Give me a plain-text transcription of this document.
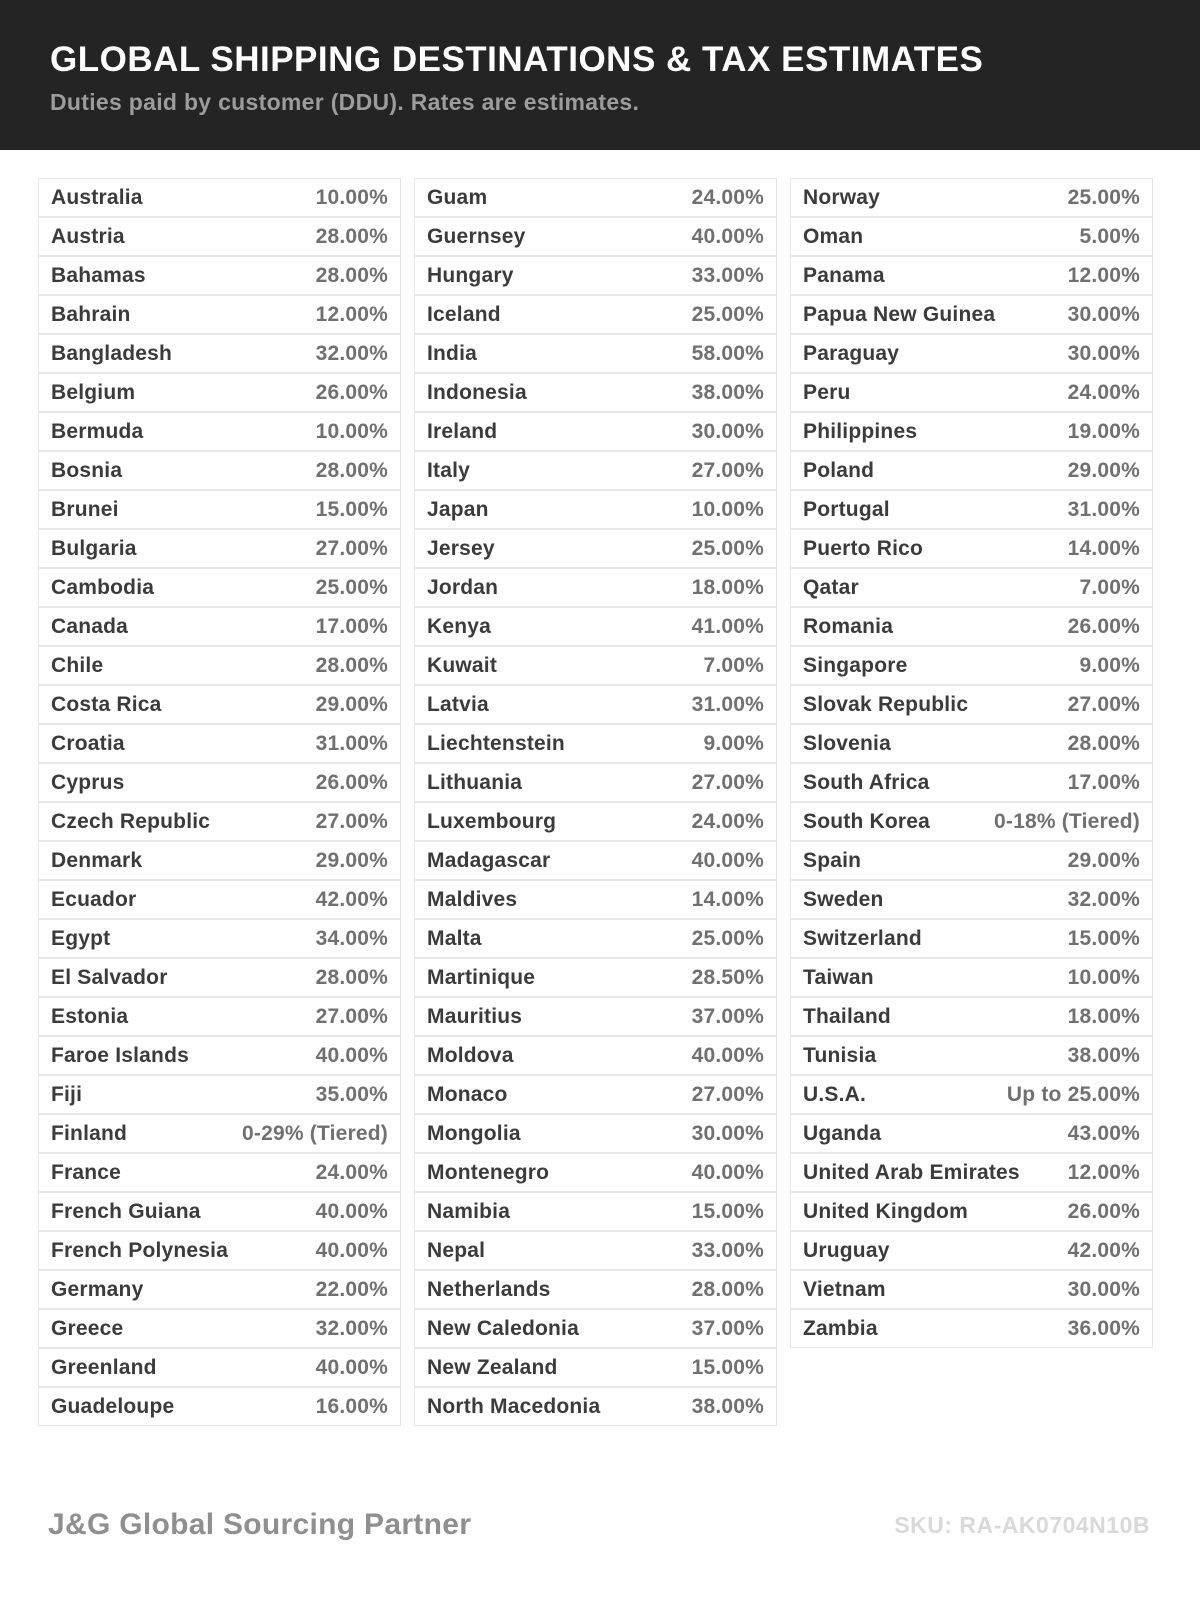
GLOBAL SHIPPING DESTINATIONS & TAX ESTIMATES

Duties paid by customer (DDU). Rates are estimates.

Australia	10.00%
Austria	28.00%
Bahamas	28.00%
Bahrain	12.00%
Bangladesh	32.00%
Belgium	26.00%
Bermuda	10.00%
Bosnia	28.00%
Brunei	15.00%
Bulgaria	27.00%
Cambodia	25.00%
Canada	17.00%
Chile	28.00%
Costa Rica	29.00%
Croatia	31.00%
Cyprus	26.00%
Czech Republic	27.00%
Denmark	29.00%
Ecuador	42.00%
Egypt	34.00%
El Salvador	28.00%
Estonia	27.00%
Faroe Islands	40.00%
Fiji	35.00%
Finland	0-29% (Tiered)
France	24.00%
French Guiana	40.00%
French Polynesia	40.00%
Germany	22.00%
Greece	32.00%
Greenland	40.00%
Guadeloupe	16.00%
Guam	24.00%
Guernsey	40.00%
Hungary	33.00%
Iceland	25.00%
India	58.00%
Indonesia	38.00%
Ireland	30.00%
Italy	27.00%
Japan	10.00%
Jersey	25.00%
Jordan	18.00%
Kenya	41.00%
Kuwait	7.00%
Latvia	31.00%
Liechtenstein	9.00%
Lithuania	27.00%
Luxembourg	24.00%
Madagascar	40.00%
Maldives	14.00%
Malta	25.00%
Martinique	28.50%
Mauritius	37.00%
Moldova	40.00%
Monaco	27.00%
Mongolia	30.00%
Montenegro	40.00%
Namibia	15.00%
Nepal	33.00%
Netherlands	28.00%
New Caledonia	37.00%
New Zealand	15.00%
North Macedonia	38.00%
Norway	25.00%
Oman	5.00%
Panama	12.00%
Papua New Guinea	30.00%
Paraguay	30.00%
Peru	24.00%
Philippines	19.00%
Poland	29.00%
Portugal	31.00%
Puerto Rico	14.00%
Qatar	7.00%
Romania	26.00%
Singapore	9.00%
Slovak Republic	27.00%
Slovenia	28.00%
South Africa	17.00%
South Korea	0-18% (Tiered)
Spain	29.00%
Sweden	32.00%
Switzerland	15.00%
Taiwan	10.00%
Thailand	18.00%
Tunisia	38.00%
U.S.A.	Up to 25.00%
Uganda	43.00%
United Arab Emirates 12.00%
United Kingdom	26.00%
Uruguay	42.00%
Vietnam	30.00%
Zambia	36.00%
J&G Global Sourcing Partner	SKU: RA-AK0704N10B
